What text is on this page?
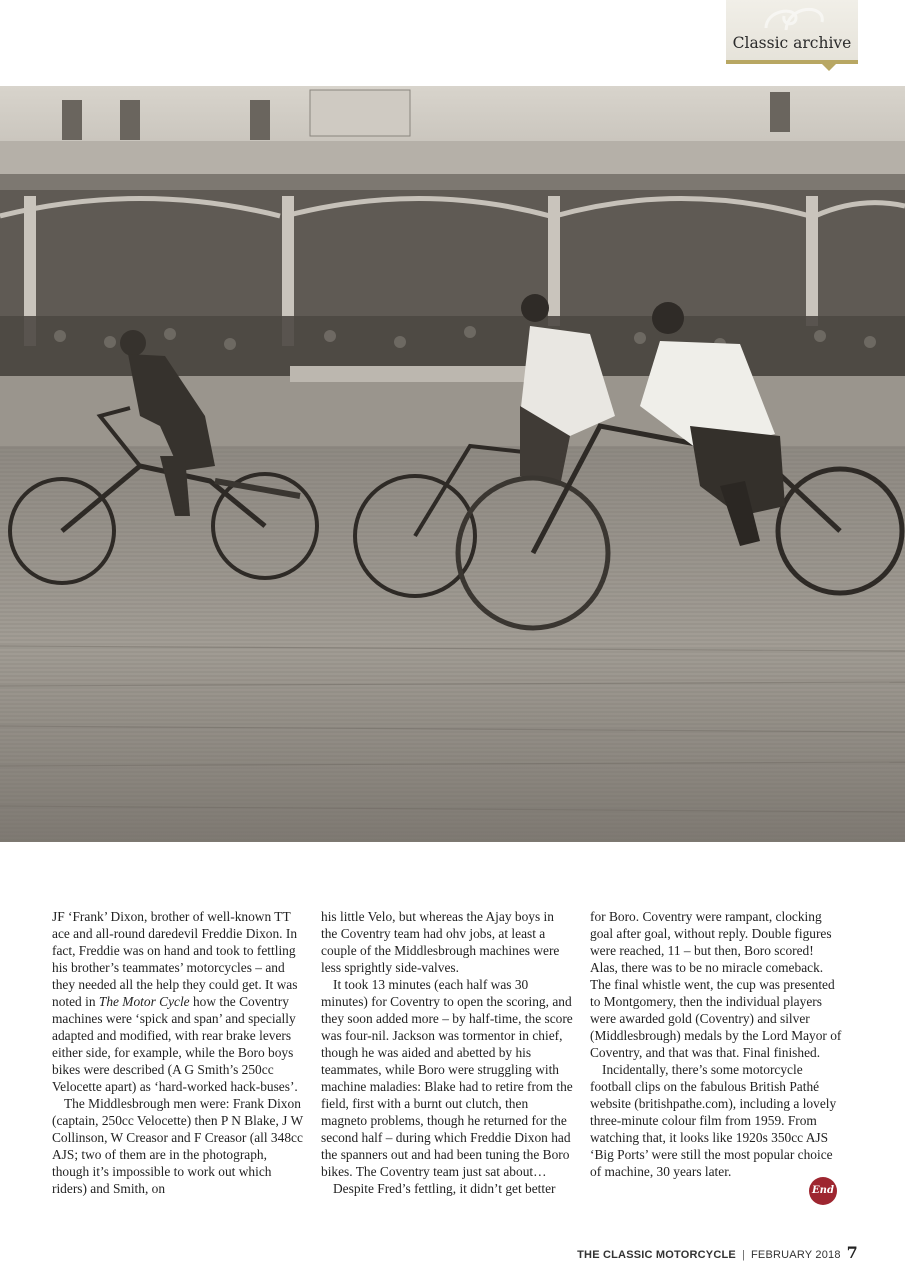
Classic archive

JF ‘Frank’ Dixon, brother of well-known TT ace and all-round daredevil Freddie Dixon. In fact, Freddie was on hand and took to fettling his brother’s teammates’ motorcycles – and they needed all the help they could get. It was noted in The Motor Cycle how the Coventry machines were ‘spick and span’ and specially adapted and modified, with rear brake levers either side, for example, while the Boro boys bikes were described (A G Smith’s 250cc Velocette apart) as ‘hard-worked hack-buses’.

The Middlesbrough men were: Frank Dixon (captain, 250cc Velocette) then P N Blake, J W Collinson, W Creasor and F Creasor (all 348cc AJS; two of them are in the photograph, though it’s impossible to work out which riders) and Smith, on

his little Velo, but whereas the Ajay boys in the Coventry team had ohv jobs, at least a couple of the Middlesbrough machines were less sprightly side-valves.

It took 13 minutes (each half was 30 minutes) for Coventry to open the scoring, and they soon added more – by half-time, the score was four-nil. Jackson was tormentor in chief, though he was aided and abetted by his teammates, while Boro were struggling with machine maladies: Blake had to retire from the field, first with a burnt out clutch, then magneto problems, though he returned for the second half – during which Freddie Dixon had the spanners out and had been tuning the Boro bikes. The Coventry team just sat about…

Despite Fred’s fettling, it didn’t get better

for Boro. Coventry were rampant, clocking goal after goal, without reply. Double figures were reached, 11 – but then, Boro scored! Alas, there was to be no miracle comeback. The final whistle went, the cup was presented to Montgomery, then the individual players were awarded gold (Coventry) and silver (Middlesbrough) medals by the Lord Mayor of Coventry, and that was that. Final finished.

Incidentally, there’s some motorcycle football clips on the fabulous British Pathé website (britishpathe.com), including a lovely three-minute colour film from 1959. From watching that, it looks like 1920s 350cc AJS ‘Big Ports’ were still the most popular choice of machine, 30 years later.

End
THE CLASSIC MOTORCYCLE | FEBRUARY 2018 7
